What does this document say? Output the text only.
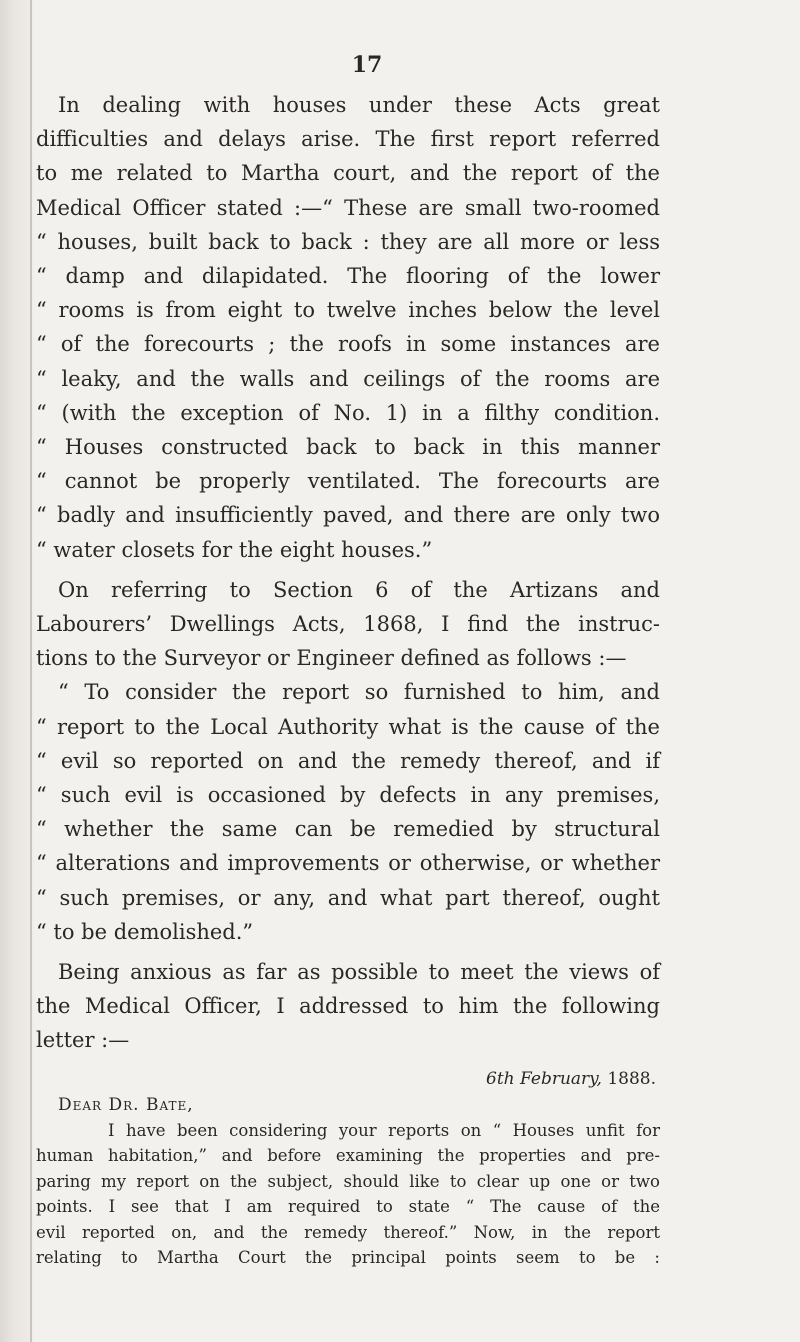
17

In dealing with houses under these Acts great

difficulties and delays arise. The first report referred

to me related to Martha court, and the report of the

Medical Officer stated :—“ These are small two-roomed

“ houses, built back to back : they are all more or less

“ damp and dilapidated. The flooring of the lower

“ rooms is from eight to twelve inches below the level

“ of the forecourts ; the roofs in some instances are

“ leaky, and the walls and ceilings of the rooms are

“ (with the exception of No. 1) in a filthy condition.

“ Houses constructed back to back in this manner

“ cannot be properly ventilated. The forecourts are

“ badly and insufficiently paved, and there are only two

“ water closets for the eight houses.”

On referring to Section 6 of the Artizans and

Labourers’ Dwellings Acts, 1868, I find the instruc-

tions to the Surveyor or Engineer defined as follows :—

“ To consider the report so furnished to him, and

“ report to the Local Authority what is the cause of the

“ evil so reported on and the remedy thereof, and if

“ such evil is occasioned by defects in any premises,

“ whether the same can be remedied by structural

“ alterations and improvements or otherwise, or whether

“ such premises, or any, and what part thereof, ought

“ to be demolished.”

Being anxious as far as possible to meet the views of

the Medical Officer, I addressed to him the following

letter :—

6th February, 1888.
Dear Dr. Bate,

I have been considering your reports on “ Houses unfit for

human habitation,” and before examining the properties and pre-

paring my report on the subject, should like to clear up one or two

points. I see that I am required to state “ The cause of the

evil reported on, and the remedy thereof.” Now, in the report

relating to Martha Court the principal points seem to be :
